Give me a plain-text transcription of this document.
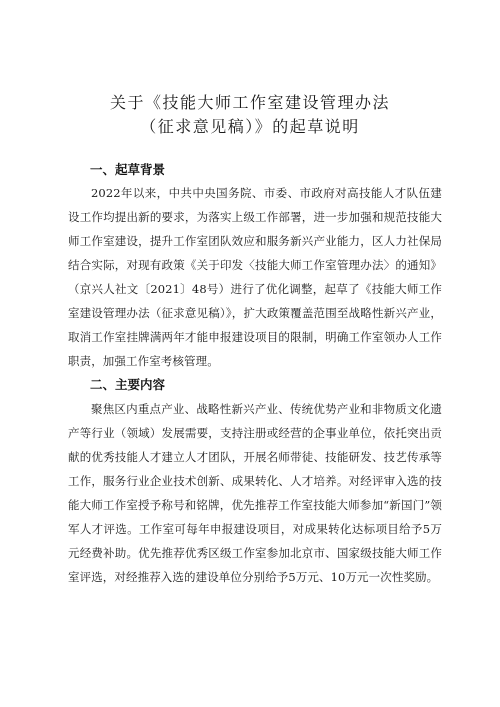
关于《技能大师工作室建设管理办法
（征求意见稿）》的起草说明
一、起草背景
2022年以来，中共中央国务院、市委、市政府对高技能人才队伍建设工作均提出新的要求，为落实上级工作部署，进一步加强和规范技能大师工作室建设，提升工作室团队效应和服务新兴产业能力，区人力社保局结合实际，对现有政策《关于印发〈技能大师工作室管理办法〉的通知》（京兴人社文〔2021〕48号）进行了优化调整，起草了《技能大师工作室建设管理办法（征求意见稿）》，扩大政策覆盖范围至战略性新兴产业，取消工作室挂牌满两年才能申报建设项目的限制，明确工作室领办人工作职责，加强工作室考核管理。
二、主要内容
聚焦区内重点产业、战略性新兴产业、传统优势产业和非物质文化遗产等行业（领域）发展需要，支持注册或经营的企事业单位，依托突出贡献的优秀技能人才建立人才团队，开展名师带徒、技能研发、技艺传承等工作，服务行业企业技术创新、成果转化、人才培养。对经评审入选的技能大师工作室授予称号和铭牌，优先推荐工作室技能大师参加“新国门”领军人才评选。工作室可每年申报建设项目，对成果转化达标项目给予5万元经费补助。优先推荐优秀区级工作室参加北京市、国家级技能大师工作室评选，对经推荐入选的建设单位分别给予5万元、10万元一次性奖励。
